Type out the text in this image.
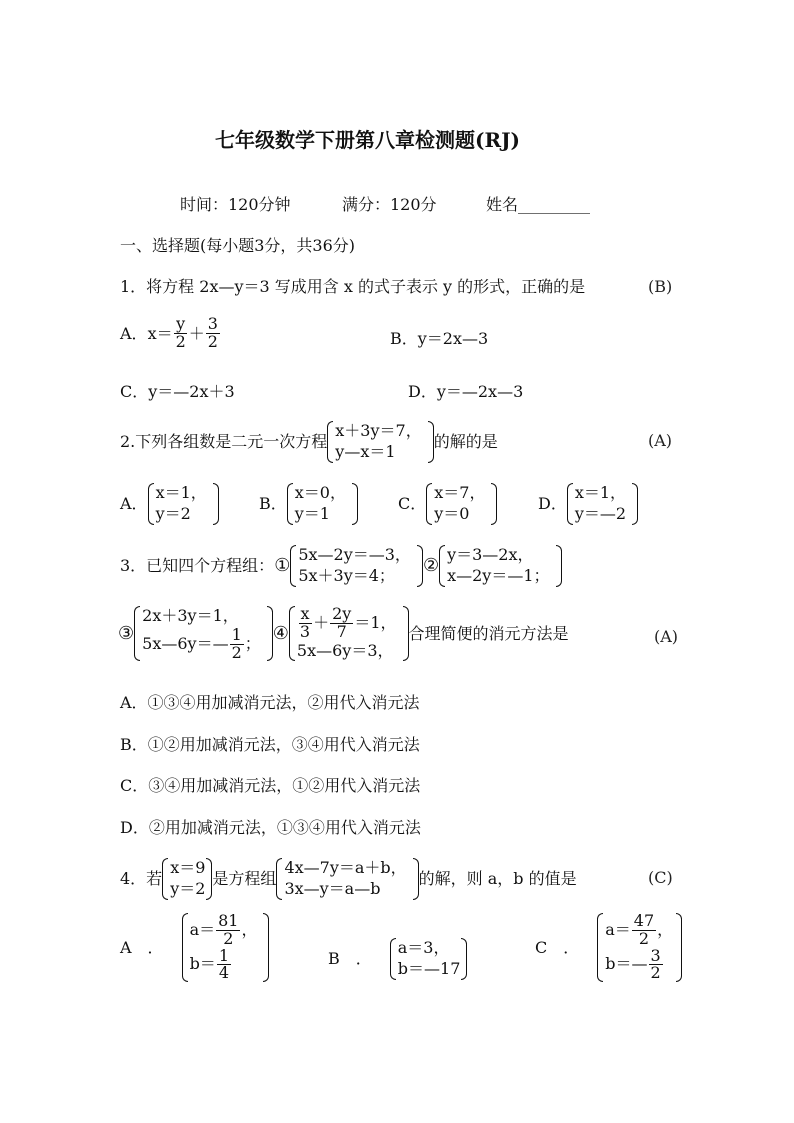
七年级数学下册第八章检测题(RJ)
时间：120分钟	满分：120分	姓名_________
一、选择题(每小题3分，共36分)
1．将方程 2x—y＝3 写成用含 x 的式子表示 y 的形式，正确的是	(B)
A． $x= \frac{y}{2} + \frac{3}{2}$	B．y＝2x—3
C．y＝—2x＋3	D．y＝—2x—3
2.下列各组数是二元一次方程
x＋3y＝7，
y—x＝1
的解的是	(A)
A．
x＝1，
y＝2
B．
x＝0，
y＝1
C．
x＝7，
y＝0
D．
x＝1，
y＝—2
3．已知四个方程组： ①
5x—2y＝—3，
5x＋3y＝4；	②
y＝3—2x，
x—2y＝—1；
③
2x＋3y＝1，
5x—6y＝— $\frac{1}{2}$ ； ④ $\frac{x}{3} + \frac{2y}{7} =1$，
5x—6y＝3，
合理简便的消元方法是	(A)
A．①③④用加减消元法，②用代入消元法
B．①②用加减消元法，③④用代入消元法
C．③④用加减消元法，①②用代入消元法
D．②用加减消元法，①③④用代入消元法
4．若
x＝9
y＝2
是方程组
4x—7y＝a＋b，
3x—y＝a—b
的解，则 a，b 的值是	(C)
A　．
$a= \frac{81}{2}$ ，
$b= \frac{1}{4}$	B　．
a＝3，
b＝—17
C　．
$a= \frac{47}{2}$ ，
b＝— $\frac{3}{2}$
